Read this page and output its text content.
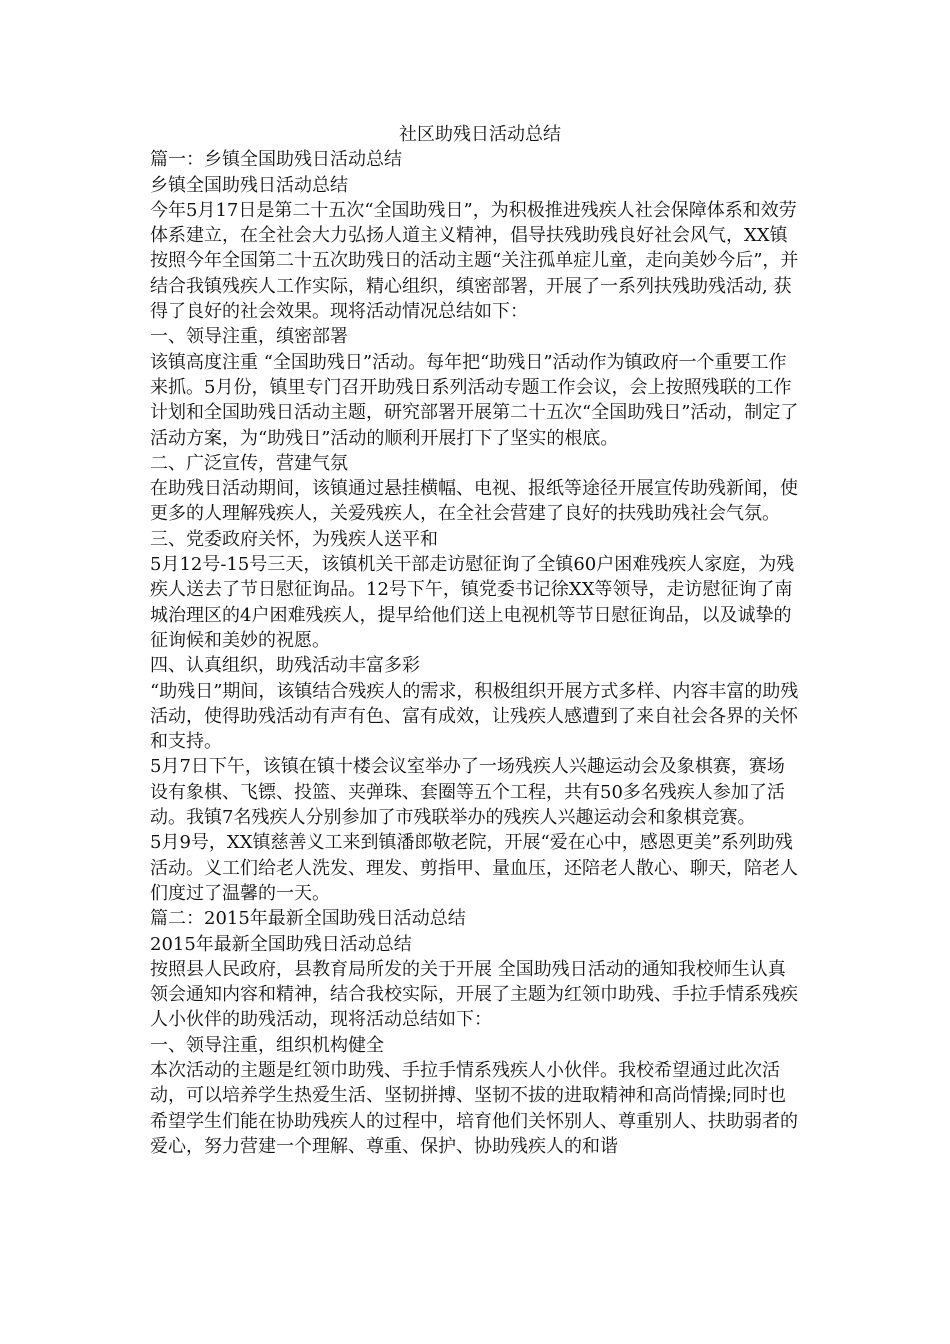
社区助残日活动总结
篇一：乡镇全国助残日活动总结
乡镇全国助残日活动总结
今年5月17日是第二十五次“全国助残日”，为积极推进残疾人社会保障体系和效劳体系建立，在全社会大力弘扬人道主义精神，倡导扶残助残良好社会风气，XX镇按照今年全国第二十五次助残日的活动主题“关注孤单症儿童，走向美妙今后”，并结合我镇残疾人工作实际，精心组织，缜密部署，开展了一系列扶残助残活动, 获得了良好的社会效果。现将活动情况总结如下：
一、领导注重，缜密部署
该镇高度注重 “全国助残日”活动。每年把“助残日”活动作为镇政府一个重要工作来抓。5月份，镇里专门召开助残日系列活动专题工作会议，会上按照残联的工作计划和全国助残日活动主题，研究部署开展第二十五次“全国助残日”活动，制定了活动方案，为“助残日”活动的顺利开展打下了坚实的根底。
二、广泛宣传，营建气氛
在助残日活动期间，该镇通过悬挂横幅、电视、报纸等途径开展宣传助残新闻，使更多的人理解残疾人，关爱残疾人，在全社会营建了良好的扶残助残社会气氛。
三、党委政府关怀，为残疾人送平和
5月12号-15号三天，该镇机关干部走访慰征询了全镇60户困难残疾人家庭，为残疾人送去了节日慰征询品。12号下午，镇党委书记徐XX等领导，走访慰征询了南城治理区的4户困难残疾人，提早给他们送上电视机等节日慰征询品，以及诚挚的征询候和美妙的祝愿。
四、认真组织，助残活动丰富多彩
“助残日”期间，该镇结合残疾人的需求，积极组织开展方式多样、内容丰富的助残活动，使得助残活动有声有色、富有成效，让残疾人感遭到了来自社会各界的关怀和支持。
5月7日下午，该镇在镇十楼会议室举办了一场残疾人兴趣运动会及象棋赛，赛场设有象棋、飞镖、投篮、夹弹珠、套圈等五个工程，共有50多名残疾人参加了活动。我镇7名残疾人分别参加了市残联举办的残疾人兴趣运动会和象棋竞赛。
5月9号，XX镇慈善义工来到镇潘郎敬老院，开展“爱在心中，感恩更美”系列助残活动。义工们给老人洗发、理发、剪指甲、量血压，还陪老人散心、聊天，陪老人们度过了温馨的一天。
篇二：2015年最新全国助残日活动总结
2015年最新全国助残日活动总结
按照县人民政府，县教育局所发的关于开展 全国助残日活动的通知我校师生认真领会通知内容和精神，结合我校实际，开展了主题为红领巾助残、手拉手情系残疾人小伙伴的助残活动，现将活动总结如下：
一、领导注重，组织机构健全
本次活动的主题是红领巾助残、手拉手情系残疾人小伙伴。我校希望通过此次活动，可以培养学生热爱生活、坚韧拼搏、坚韧不拔的进取精神和高尚情操;同时也希望学生们能在协助残疾人的过程中，培育他们关怀别人、尊重别人、扶助弱者的爱心，努力营建一个理解、尊重、保护、协助残疾人的和谐
